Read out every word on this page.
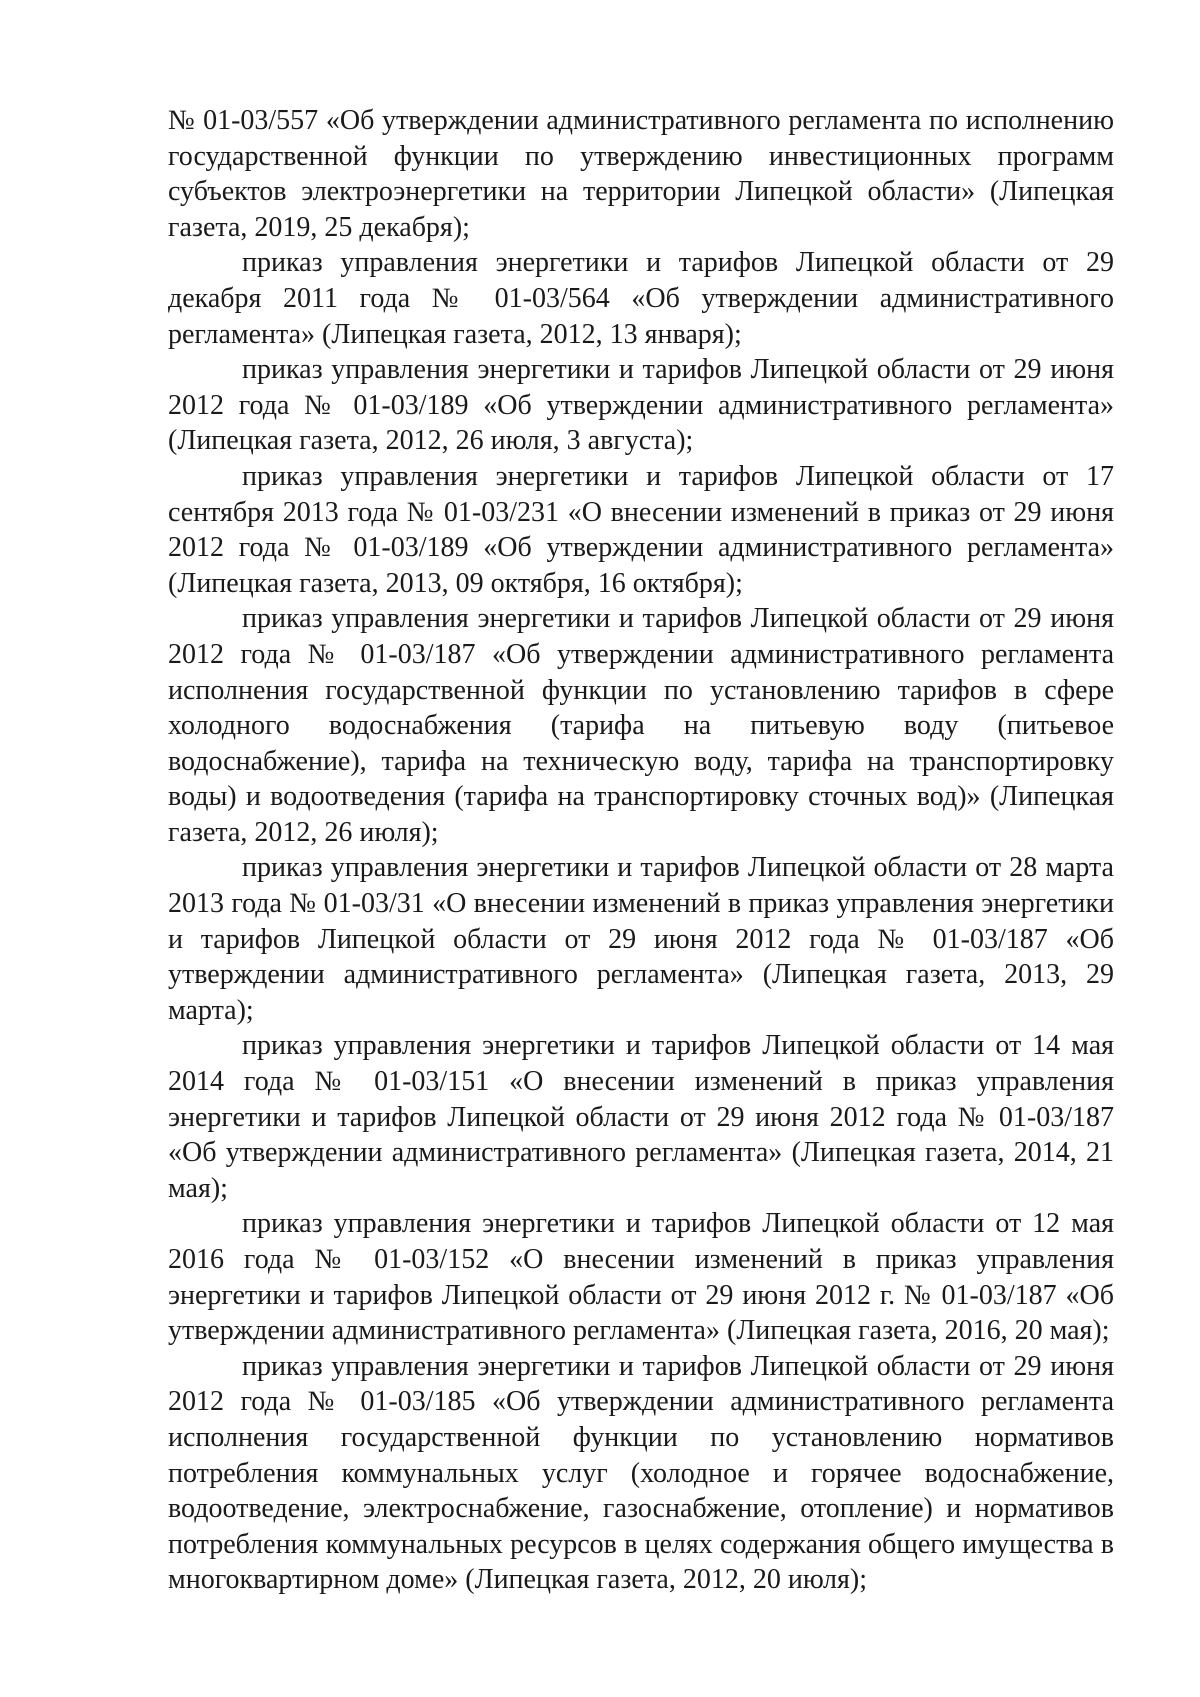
№ 01-03/557 «Об утверждении административного регламента по исполнению государственной функции по утверждению инвестиционных программ субъектов электроэнергетики на территории Липецкой области» (Липецкая газета, 2019, 25 декабря);

приказ управления энергетики и тарифов Липецкой области от 29 декабря 2011 года № 01-03/564 «Об утверждении административного регламента» (Липецкая газета, 2012, 13 января);

приказ управления энергетики и тарифов Липецкой области от 29 июня 2012 года № 01-03/189 «Об утверждении административного регламента» (Липецкая газета, 2012, 26 июля, 3 августа);

приказ управления энергетики и тарифов Липецкой области от 17 сентября 2013 года № 01-03/231 «О внесении изменений в приказ от 29 июня 2012 года № 01-03/189 «Об утверждении административного регламента» (Липецкая газета, 2013, 09 октября, 16 октября);

приказ управления энергетики и тарифов Липецкой области от 29 июня 2012 года № 01-03/187 «Об утверждении административного регламента исполнения государственной функции по установлению тарифов в сфере холодного водоснабжения (тарифа на питьевую воду (питьевое водоснабжение), тарифа на техническую воду, тарифа на транспортировку воды) и водоотведения (тарифа на транспортировку сточных вод)» (Липецкая газета, 2012, 26 июля);

приказ управления энергетики и тарифов Липецкой области от 28 марта 2013 года № 01-03/31 «О внесении изменений в приказ управления энергетики и тарифов Липецкой области от 29 июня 2012 года № 01-03/187 «Об утверждении административного регламента» (Липецкая газета, 2013, 29 марта);

приказ управления энергетики и тарифов Липецкой области от 14 мая 2014 года № 01-03/151 «О внесении изменений в приказ управления энергетики и тарифов Липецкой области от 29 июня 2012 года № 01-03/187 «Об утверждении административного регламента» (Липецкая газета, 2014, 21 мая);

приказ управления энергетики и тарифов Липецкой области от 12 мая 2016 года № 01-03/152 «О внесении изменений в приказ управления энергетики и тарифов Липецкой области от 29 июня 2012 г. № 01-03/187 «Об утверждении административного регламента» (Липецкая газета, 2016, 20 мая);

приказ управления энергетики и тарифов Липецкой области от 29 июня 2012 года № 01-03/185 «Об утверждении административного регламента исполнения государственной функции по установлению нормативов потребления коммунальных услуг (холодное и горячее водоснабжение, водоотведение, электроснабжение, газоснабжение, отопление) и нормативов потребления коммунальных ресурсов в целях содержания общего имущества в многоквартирном доме» (Липецкая газета, 2012, 20 июля);
